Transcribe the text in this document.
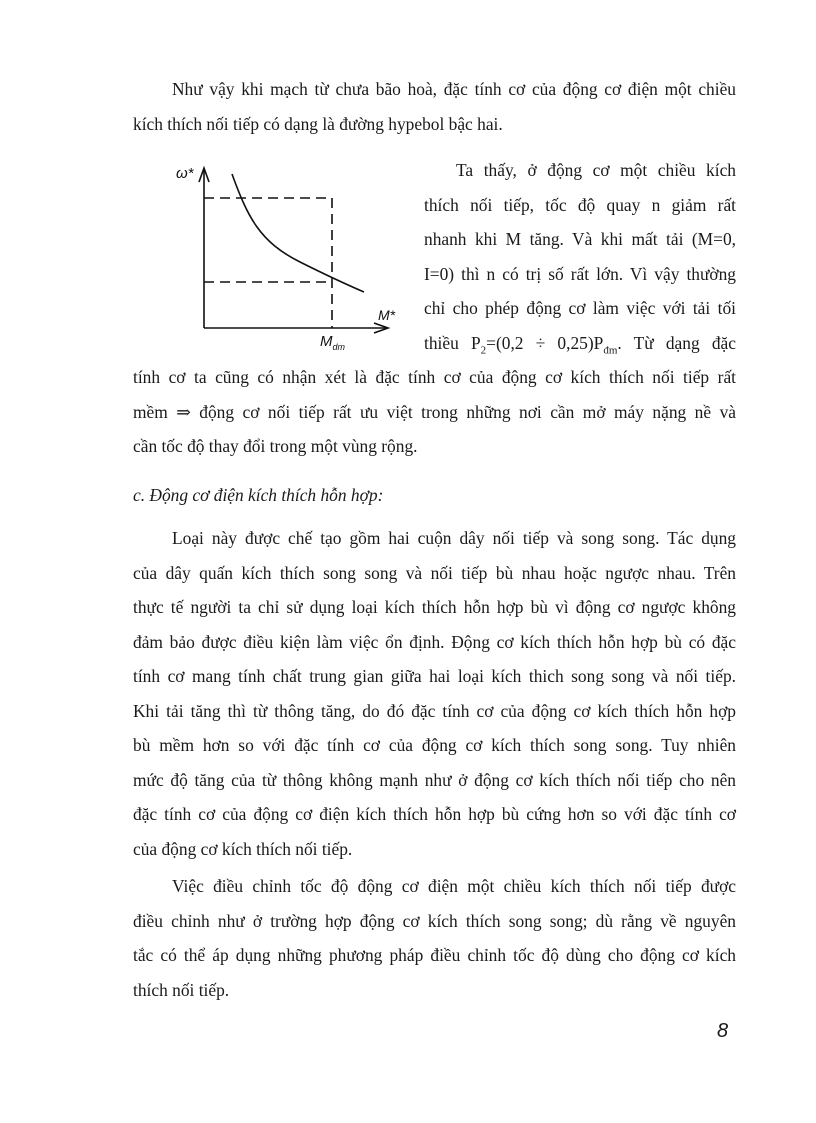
Như vậy khi mạch từ chưa bão hoà, đặc tính cơ của động cơ điện một chiều
kích thích nối tiếp có dạng là đường hypebol bậc hai.
ω*
M*
$M_{dm}$
Ta thấy, ở động cơ một chiều kích
thích nối tiếp, tốc độ quay n giảm rất
nhanh khi M tăng. Và khi mất tải (M=0,
I=0) thì n có trị số rất lớn. Vì vậy thường
chỉ cho phép động cơ làm việc với tải tối
thiều $P_2=(0,2 \div 0,25)P_{đm}$. Từ dạng đặc
tính cơ ta cũng có nhận xét là đặc tính cơ của động cơ kích thích nối tiếp rất
mềm ⇒ động cơ nối tiếp rất ưu việt trong những nơi cần mở máy nặng nề và
cần tốc độ thay đổi trong một vùng rộng.

c. Động cơ điện kích thích hỗn hợp:

Loại này được chế tạo gồm hai cuộn dây nối tiếp và song song. Tác dụng
của dây quấn kích thích song song và nối tiếp bù nhau hoặc ngược nhau. Trên
thực tế người ta chỉ sử dụng loại kích thích hỗn hợp bù vì động cơ ngược không
đảm bảo được điều kiện làm việc ổn định. Động cơ kích thích hỗn hợp bù có đặc
tính cơ mang tính chất trung gian giữa hai loại kích thich song song và nối tiếp.
Khi tải tăng thì từ thông tăng, do đó đặc tính cơ của động cơ kích thích hỗn hợp
bù mềm hơn so với đặc tính cơ của động cơ kích thích song song. Tuy nhiên
mức độ tăng của từ thông không mạnh như ở động cơ kích thích nối tiếp cho nên
đặc tính cơ của động cơ điện kích thích hỗn hợp bù cứng hơn so với đặc tính cơ
của động cơ kích thích nối tiếp.
Việc điều chỉnh tốc độ động cơ điện một chiều kích thích nối tiếp được
điều chỉnh như ở trường hợp động cơ kích thích song song; dù rằng về nguyên
tắc có thể áp dụng những phương pháp điều chỉnh tốc độ dùng cho động cơ kích
thích nối tiếp.
8
